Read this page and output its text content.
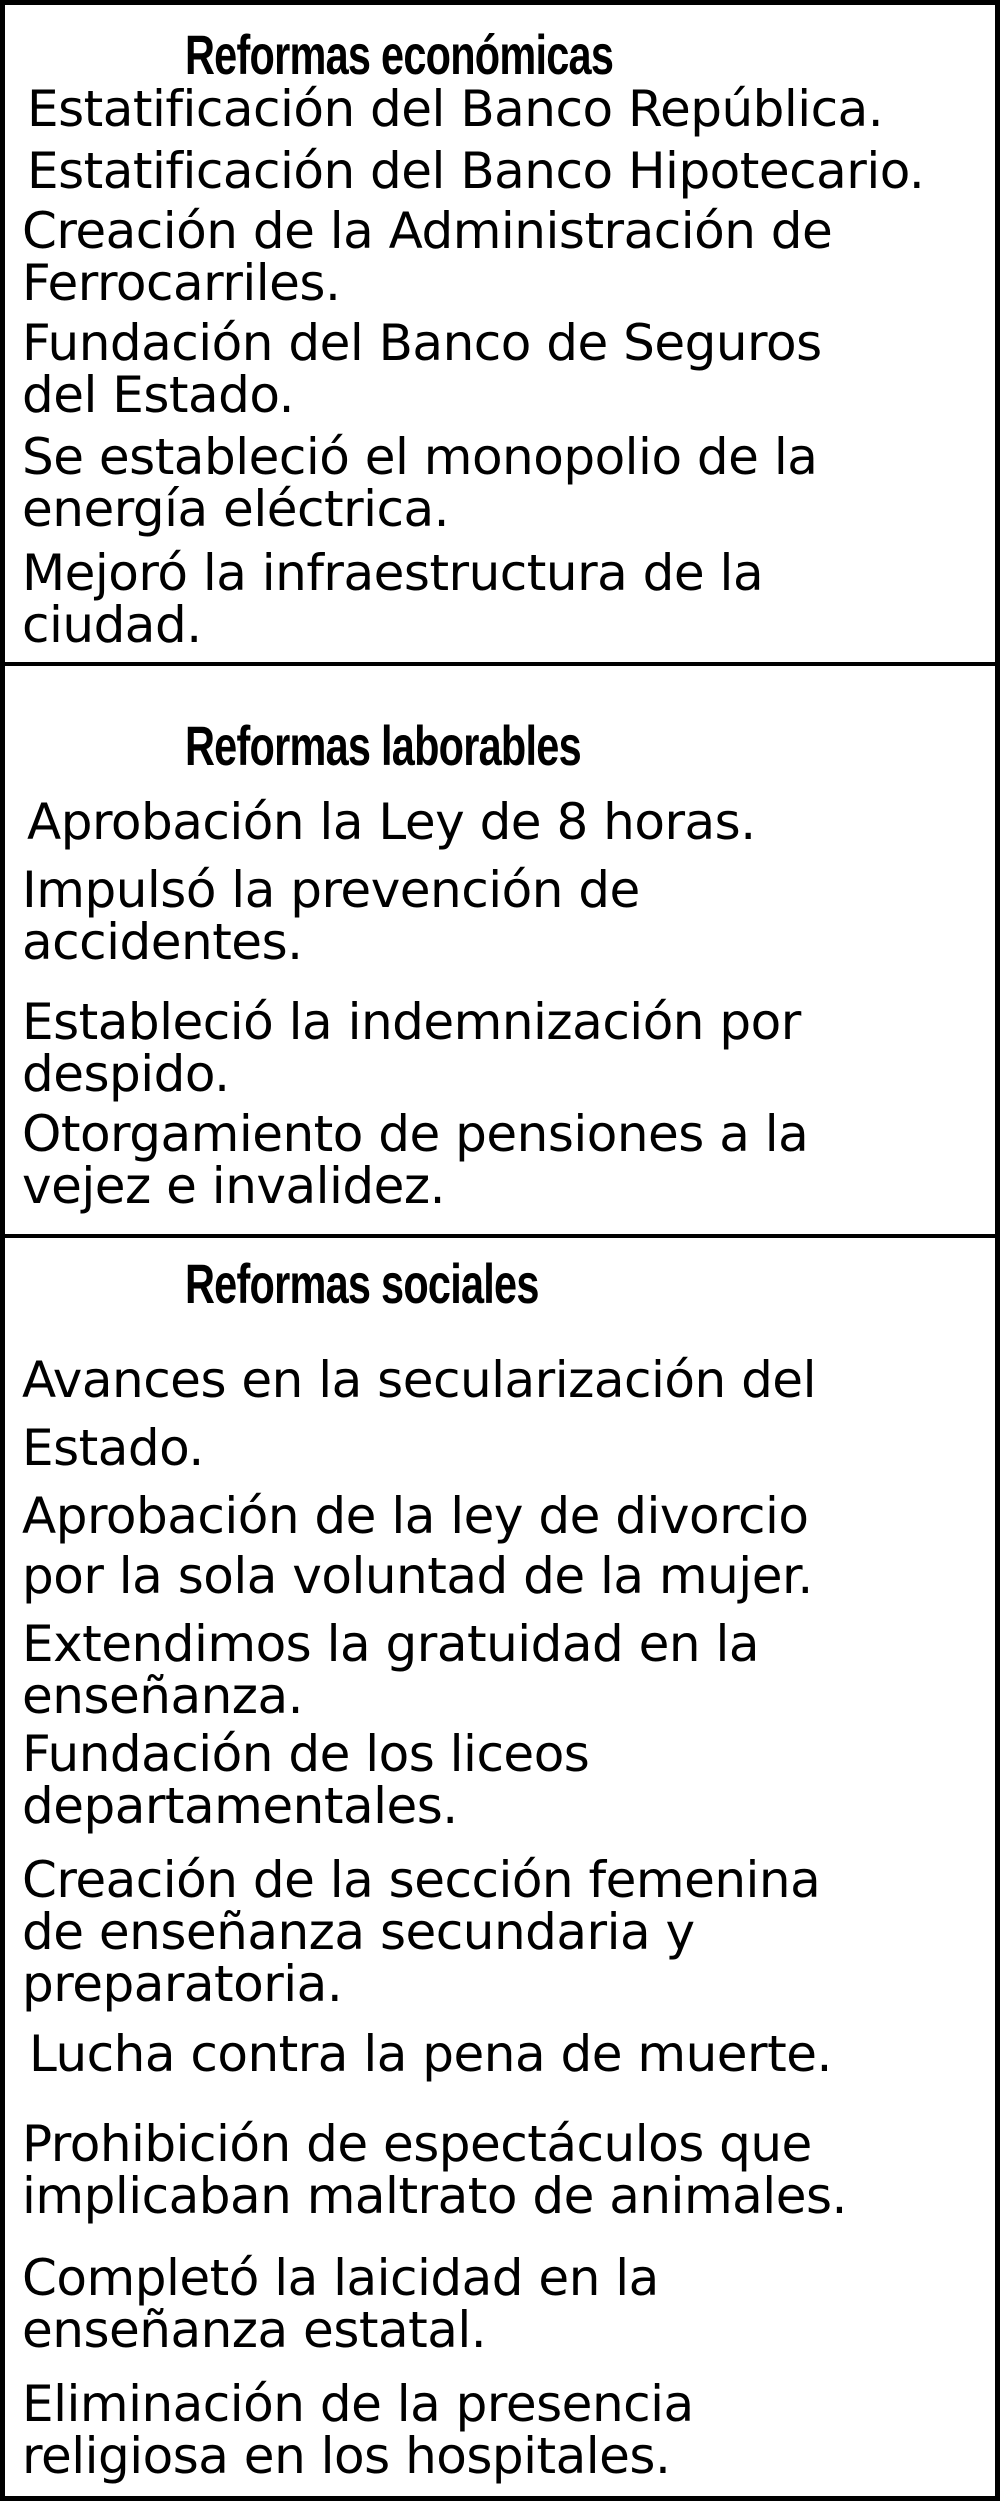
Reformas económicas
Estatificación del Banco República.
Estatificación del Banco Hipotecario.
Creación de la Administración de
Ferrocarriles.
Fundación del Banco de Seguros
del Estado.
Se estableció el monopolio de la
energía eléctrica.
Mejoró la infraestructura de la
ciudad.
Reformas laborables
Aprobación la Ley de 8 horas.
Impulsó la prevención de
accidentes.
Estableció la indemnización por
despido.
Otorgamiento de pensiones a la
vejez e invalidez.
Reformas sociales
Avances en la secularización del
Estado.
Aprobación de la ley de divorcio
por la sola voluntad de la mujer.
Extendimos la gratuidad en la
enseñanza.
Fundación de los liceos
departamentales.
Creación de la sección femenina
de enseñanza secundaria y
preparatoria.
Lucha contra la pena de muerte.
Prohibición de espectáculos que
implicaban maltrato de animales.
Completó la laicidad en la
enseñanza estatal.
Eliminación de la presencia
religiosa en los hospitales.
